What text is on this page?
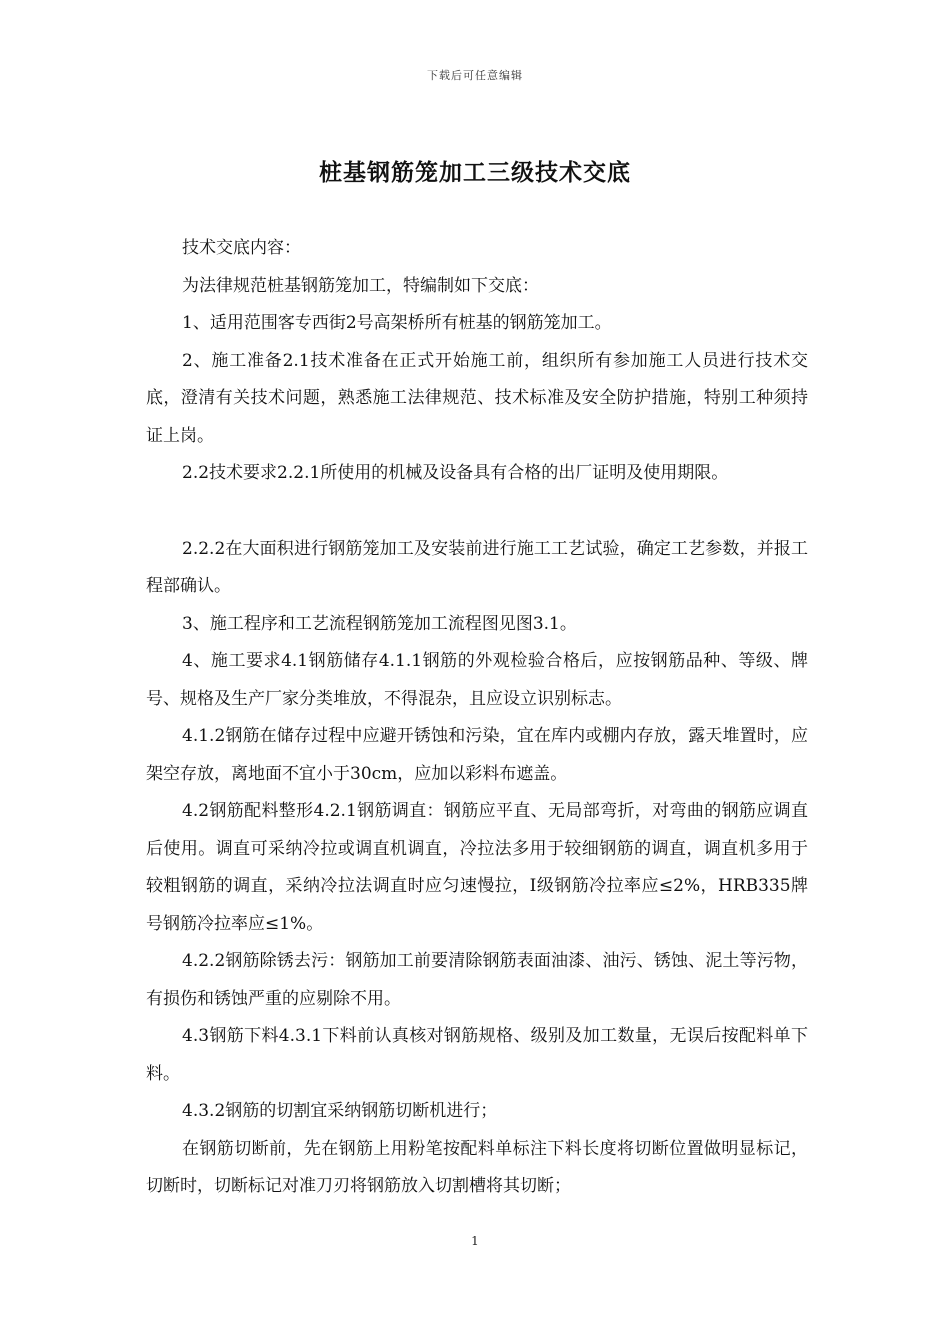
下载后可任意编辑
桩基钢筋笼加工三级技术交底

技术交底内容：

为法律规范桩基钢筋笼加工，特编制如下交底：

1、适用范围客专西街2号高架桥所有桩基的钢筋笼加工。

2、施工准备2.1技术准备在正式开始施工前，组织所有参加施工人员进行技术交底，澄清有关技术问题，熟悉施工法律规范、技术标准及安全防护措施，特别工种须持证上岗。

2.2技术要求2.2.1所使用的机械及设备具有合格的出厂证明及使用期限。

2.2.2在大面积进行钢筋笼加工及安装前进行施工工艺试验，确定工艺参数，并报工程部确认。

3、施工程序和工艺流程钢筋笼加工流程图见图3.1。

4、施工要求4.1钢筋储存4.1.1钢筋的外观检验合格后，应按钢筋品种、等级、牌号、规格及生产厂家分类堆放，不得混杂，且应设立识别标志。

4.1.2钢筋在储存过程中应避开锈蚀和污染，宜在库内或棚内存放，露天堆置时，应架空存放，离地面不宜小于30cm，应加以彩料布遮盖。

4.2钢筋配料整形4.2.1钢筋调直：钢筋应平直、无局部弯折，对弯曲的钢筋应调直后使用。调直可采纳冷拉或调直机调直，冷拉法多用于较细钢筋的调直，调直机多用于较粗钢筋的调直，采纳冷拉法调直时应匀速慢拉，Ⅰ级钢筋冷拉率应≤2%，HRB335牌号钢筋冷拉率应≤1%。

4.2.2钢筋除锈去污：钢筋加工前要清除钢筋表面油漆、油污、锈蚀、泥土等污物，有损伤和锈蚀严重的应剔除不用。

4.3钢筋下料4.3.1下料前认真核对钢筋规格、级别及加工数量，无误后按配料单下料。

4.3.2钢筋的切割宜采纳钢筋切断机进行；

在钢筋切断前，先在钢筋上用粉笔按配料单标注下料长度将切断位置做明显标记，切断时，切断标记对准刀刃将钢筋放入切割槽将其切断；

1
